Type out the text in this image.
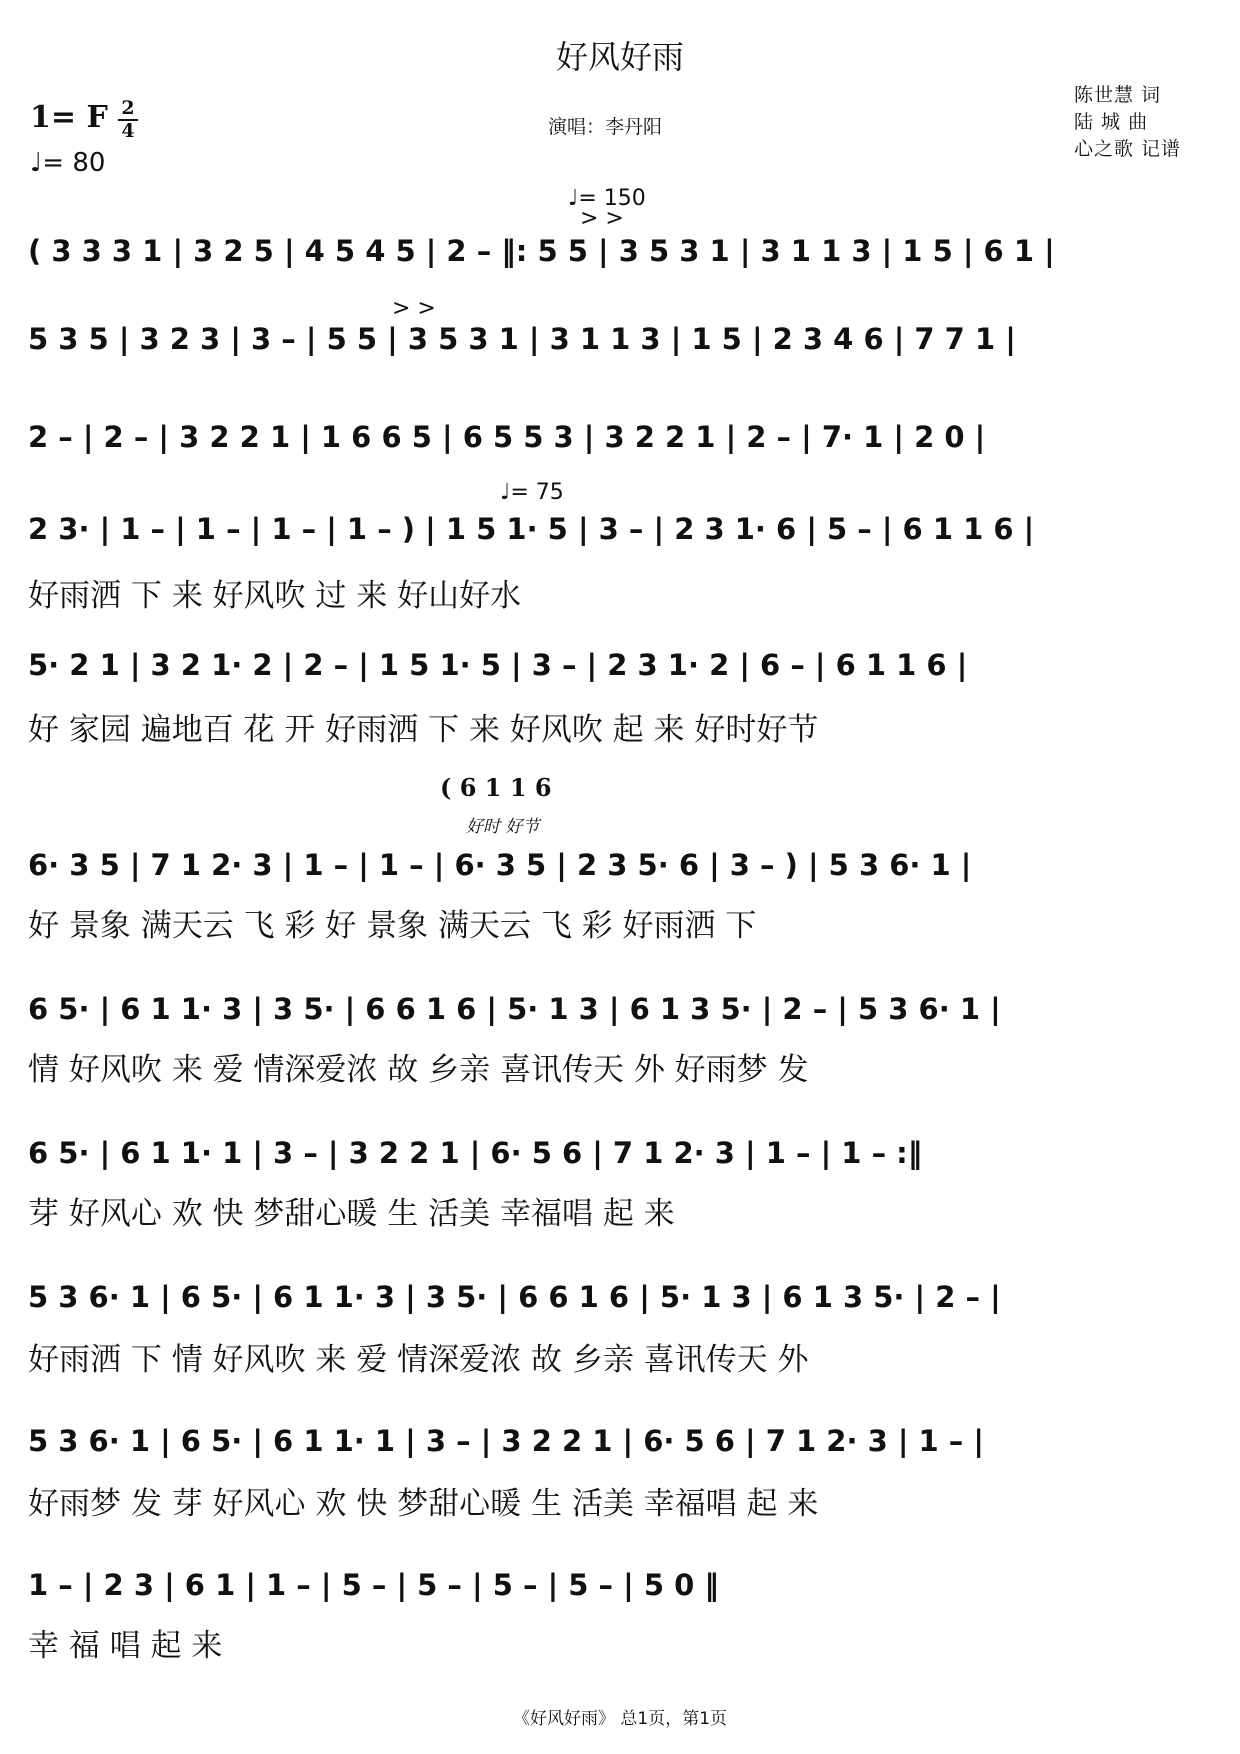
好风好雨
1= F 2
4
♩= 80
演唱：李丹阳
陈世慧 词
陆 城 曲
心之歌 记谱
♩= 150
♩= 75
> >
> >
( 3 3 3 1 | 3 2 5 | 4 5 4 5 | 2 – ‖: 5 5 | 3 5 3 1 | 3 1 1 3 | 1 5 | 6 1 |
5 3 5 | 3 2 3 | 3 – | 5 5 | 3 5 3 1 | 3 1 1 3 | 1 5 | 2 3 4 6 | 7 7 1 |
2 – | 2 – | 3 2 2 1 | 1 6 6 5 | 6 5 5 3 | 3 2 2 1 | 2 – | 7· 1 | 2 0 |
2 3· | 1 – | 1 – | 1 – | 1 – ) | 1 5 1· 5 | 3 – | 2 3 1· 6 | 5 – | 6 1 1 6 |
5· 2 1 | 3 2 1· 2 | 2 – | 1 5 1· 5 | 3 – | 2 3 1· 2 | 6 – | 6 1 1 6 |
6· 3 5 | 7 1 2· 3 | 1 – | 1 – | 6· 3 5 | 2 3 5· 6 | 3 – ) | 5 3 6· 1 |
6 5· | 6 1 1· 3 | 3 5· | 6 6 1 6 | 5· 1 3 | 6 1 3 5· | 2 – | 5 3 6· 1 |
6 5· | 6 1 1· 1 | 3 – | 3 2 2 1 | 6· 5 6 | 7 1 2· 3 | 1 – | 1 – :‖
5 3 6· 1 | 6 5· | 6 1 1· 3 | 3 5· | 6 6 1 6 | 5· 1 3 | 6 1 3 5· | 2 – |
5 3 6· 1 | 6 5· | 6 1 1· 1 | 3 – | 3 2 2 1 | 6· 5 6 | 7 1 2· 3 | 1 – |
1 – | 2 3 | 6 1 | 1 – | 5 – | 5 – | 5 – | 5 – | 5 0 ‖
好雨洒 下 来 好风吹 过 来 好山好水
好 家园 遍地百 花 开 好雨洒 下 来 好风吹 起 来 好时好节
好 景象 满天云 飞 彩 好 景象 满天云 飞 彩 好雨洒 下
情 好风吹 来 爱 情深爱浓 故 乡亲 喜讯传天 外 好雨梦 发
芽 好风心 欢 快 梦甜心暖 生 活美 幸福唱 起 来
好雨洒 下 情 好风吹 来 爱 情深爱浓 故 乡亲 喜讯传天 外
好雨梦 发 芽 好风心 欢 快 梦甜心暖 生 活美 幸福唱 起 来
幸 福 唱 起 来
( 6 1 1 6
好时 好节
《好风好雨》 总1页，第1页
